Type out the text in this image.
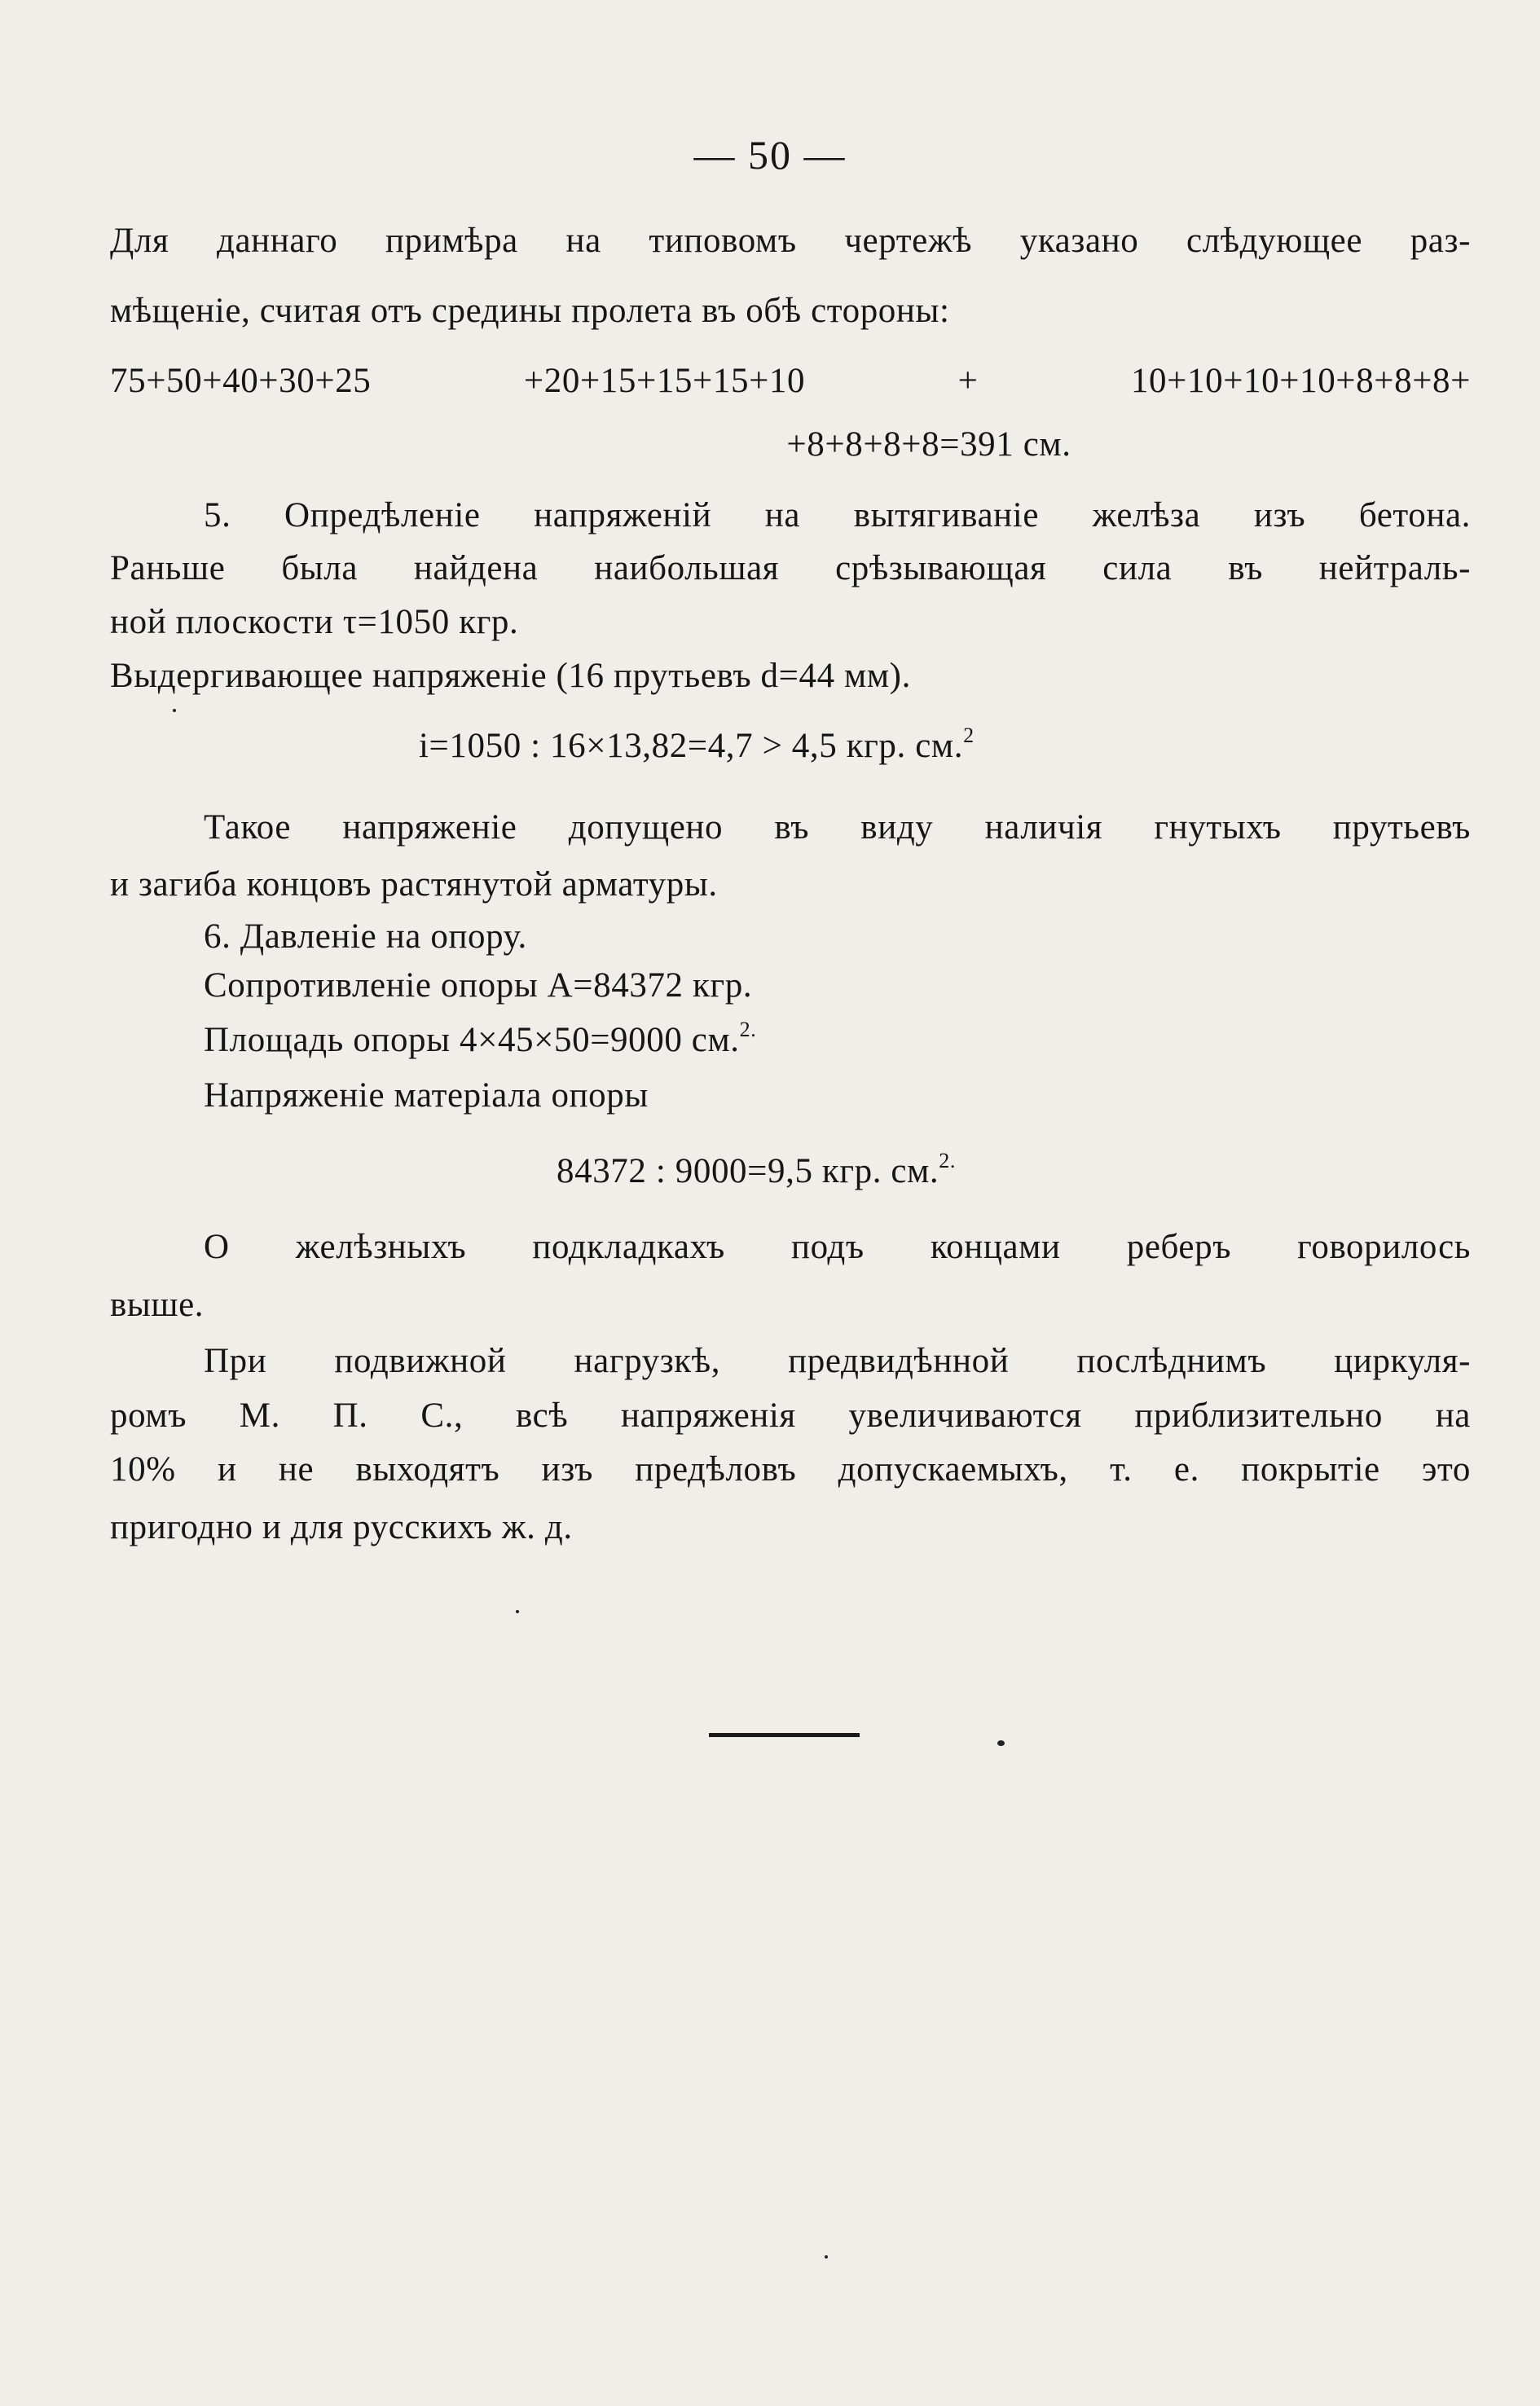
— 50 —
Для даннаго примѣра на типовомъ чертежѣ указано слѣдующее раз-
мѣщеніе, считая отъ средины пролета въ обѣ стороны:
75+50+40+30+25 +20+15+15+15+10 + 10+10+10+10+8+8+8+
+8+8+8+8=391 см.
5. Опредѣленіе напряженій на вытягиваніе желѣза изъ бетона.
Раньше была найдена наибольшая срѣзывающая сила въ нейтраль-
ной плоскости τ=1050 кгр.
Выдергивающее напряженіе (16 прутьевъ d=44 мм).
i=1050 : 16×13,82=4,7 > 4,5 кгр. см.$^2$
Такое напряженіе допущено въ виду наличія гнутыхъ прутьевъ
и загиба концовъ растянутой арматуры.
6. Давленіе на опору.
Сопротивленіе опоры А=84372 кгр.
Площадь опоры 4×45×50=9000 см.$^{2.}$
Напряженіе матеріала опоры
84372 : 9000=9,5 кгр. см.$^{2.}$
О желѣзныхъ подкладкахъ подъ концами реберъ говорилось
выше.
При подвижной нагрузкѣ, предвидѣнной послѣднимъ циркуля-
ромъ М. П. С., всѣ напряженія увеличиваются приблизительно на
10% и не выходятъ изъ предѣловъ допускаемыхъ, т. е. покрытіе это
пригодно и для русскихъ ж. д.
